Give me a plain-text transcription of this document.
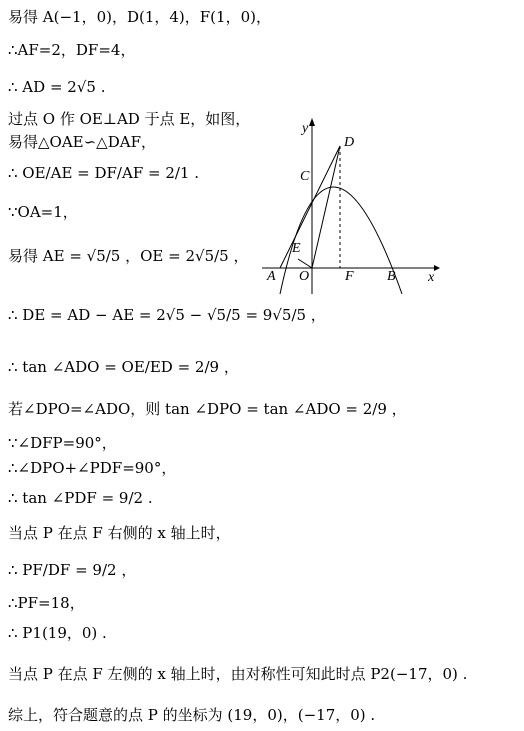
易得 A(−1，0)，D(1，4)，F(1，0)，
∴AF=2，DF=4，
∴ AD = 2√5 .
过点 O 作 OE⊥AD 于点 E，如图，
易得△OAE∽△DAF，
∴ OE/AE = DF/AF = 2/1 .
∵OA=1，
易得 AE = √5/5 ，OE = 2√5/5 ，
∴ DE = AD − AE = 2√5 − √5/5 = 9√5/5 ，
∴ tan ∠ADO = OE/ED = 2/9 ，
若∠DPO=∠ADO，则 tan ∠DPO = tan ∠ADO = 2/9 ，
∵∠DFP=90°，
∴∠DPO+∠PDF=90°，
∴ tan ∠PDF = 9/2 .
当点 P 在点 F 右侧的 x 轴上时，
∴ PF/DF = 9/2 ，
∴PF=18，
∴ P1(19，0) .
当点 P 在点 F 左侧的 x 轴上时，由对称性可知此时点 P2(−17，0) .
综上，符合题意的点 P 的坐标为 (19，0)，(−17，0) .
y
x
D
C
E
A O	F B
